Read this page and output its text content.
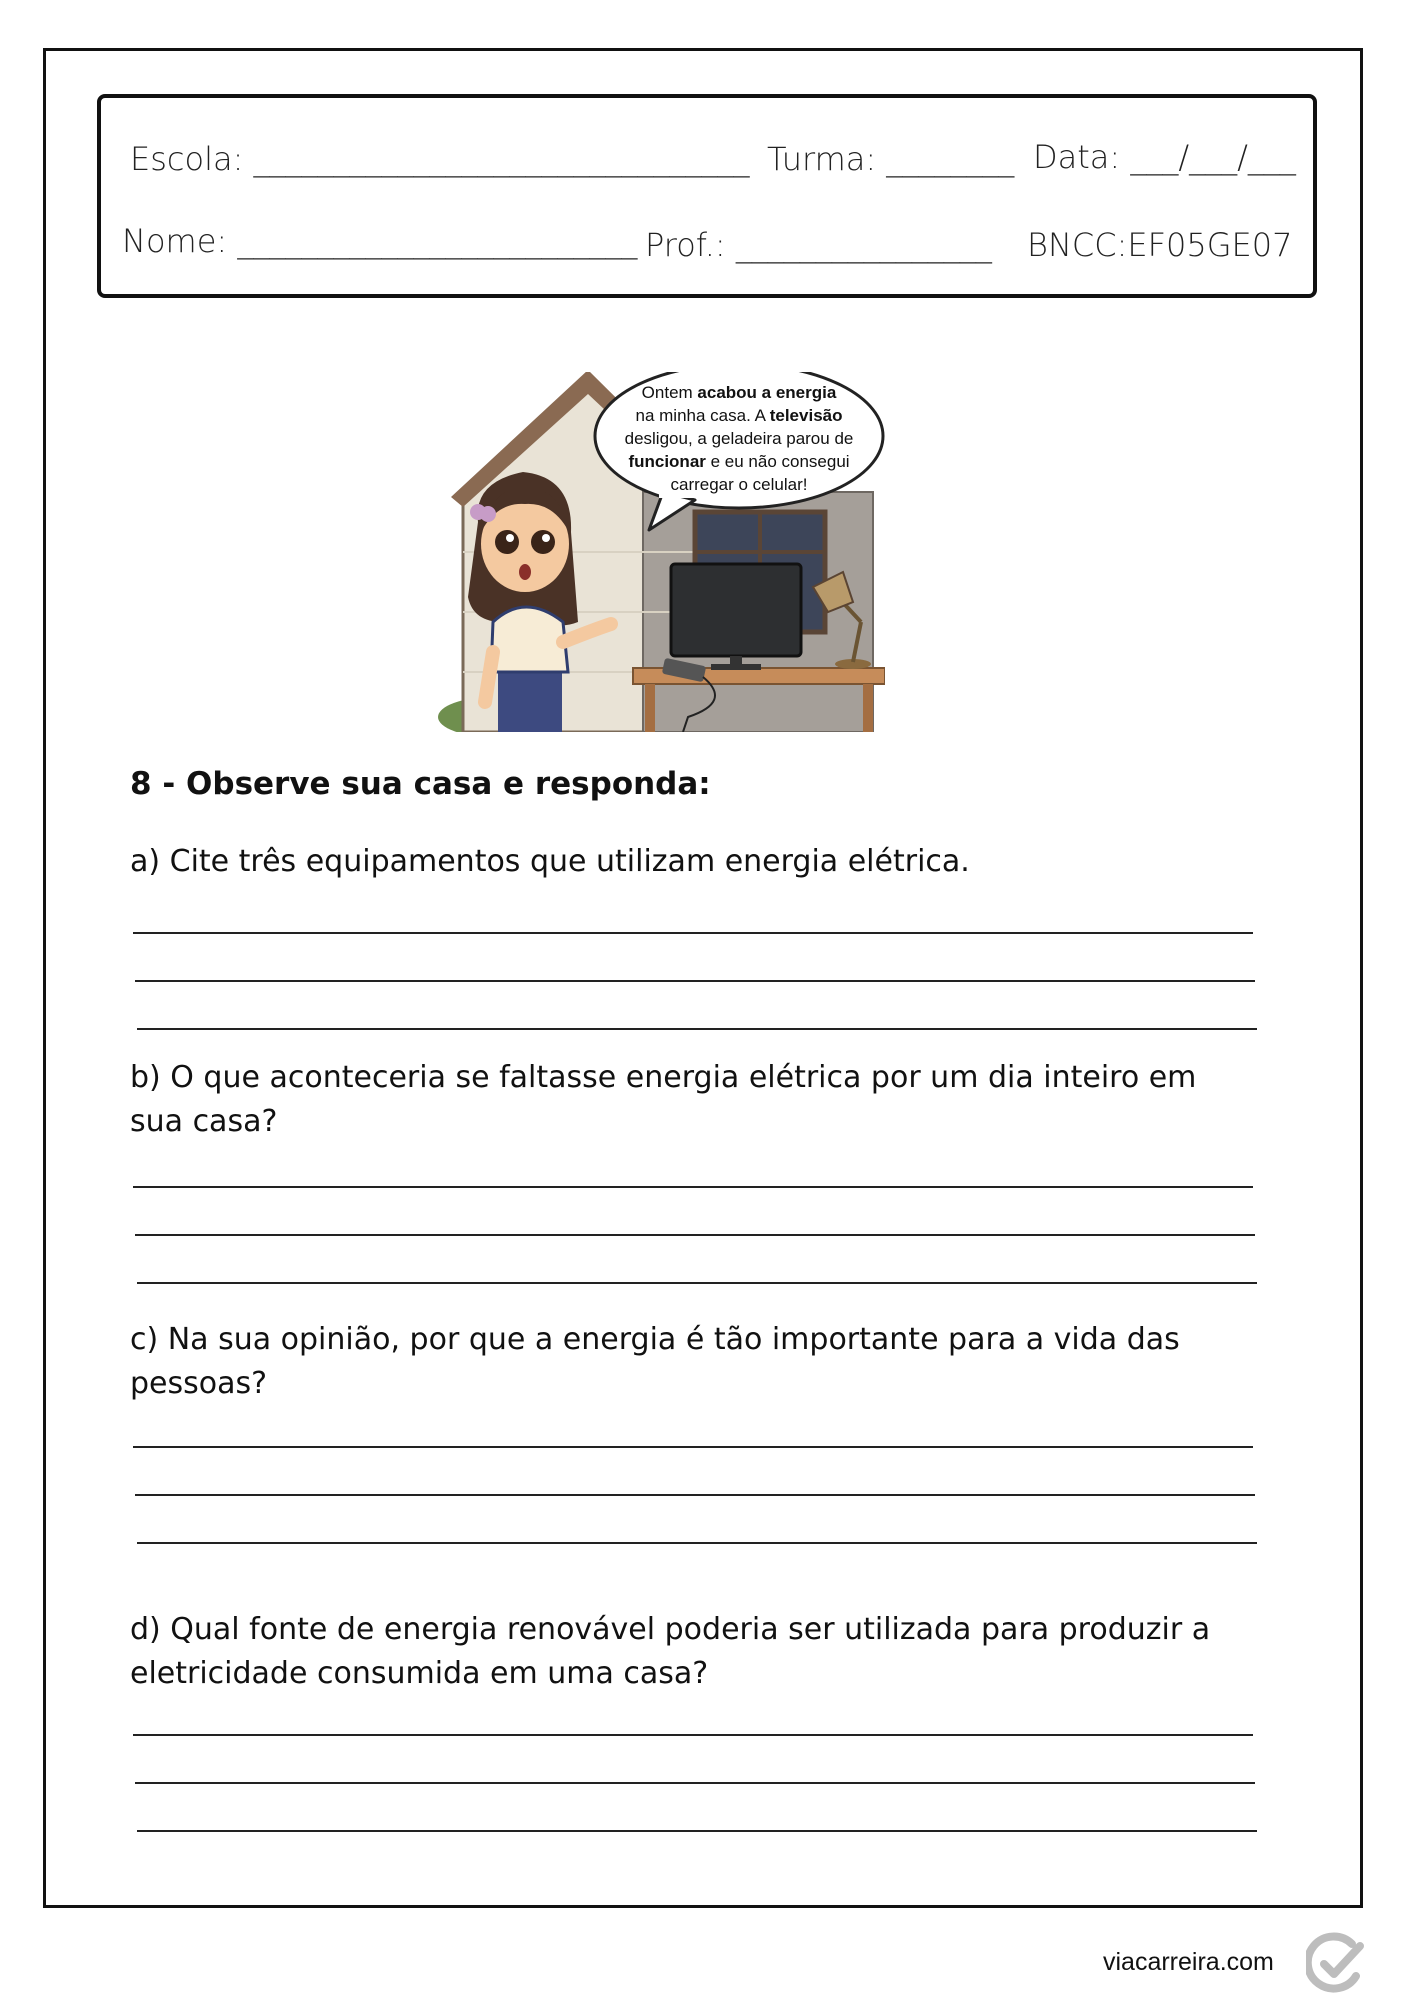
Escola: _______________________________ Turma: ________ Data: ___/___/___
Nome: _________________________ Prof.: ________________ BNCC:EF05GE07
Ontem acabou a energia
na minha casa. A televisão
desligou, a geladeira parou de
funcionar e eu não consegui
carregar o celular!
8 - Observe sua casa e responda:
a) Cite três equipamentos que utilizam energia elétrica.
b) O que aconteceria se faltasse energia elétrica por um dia inteiro em sua casa?
c) Na sua opinião, por que a energia é tão importante para a vida das pessoas?
d) Qual fonte de energia renovável poderia ser utilizada para produzir a eletricidade consumida em uma casa?
viacarreira.com
